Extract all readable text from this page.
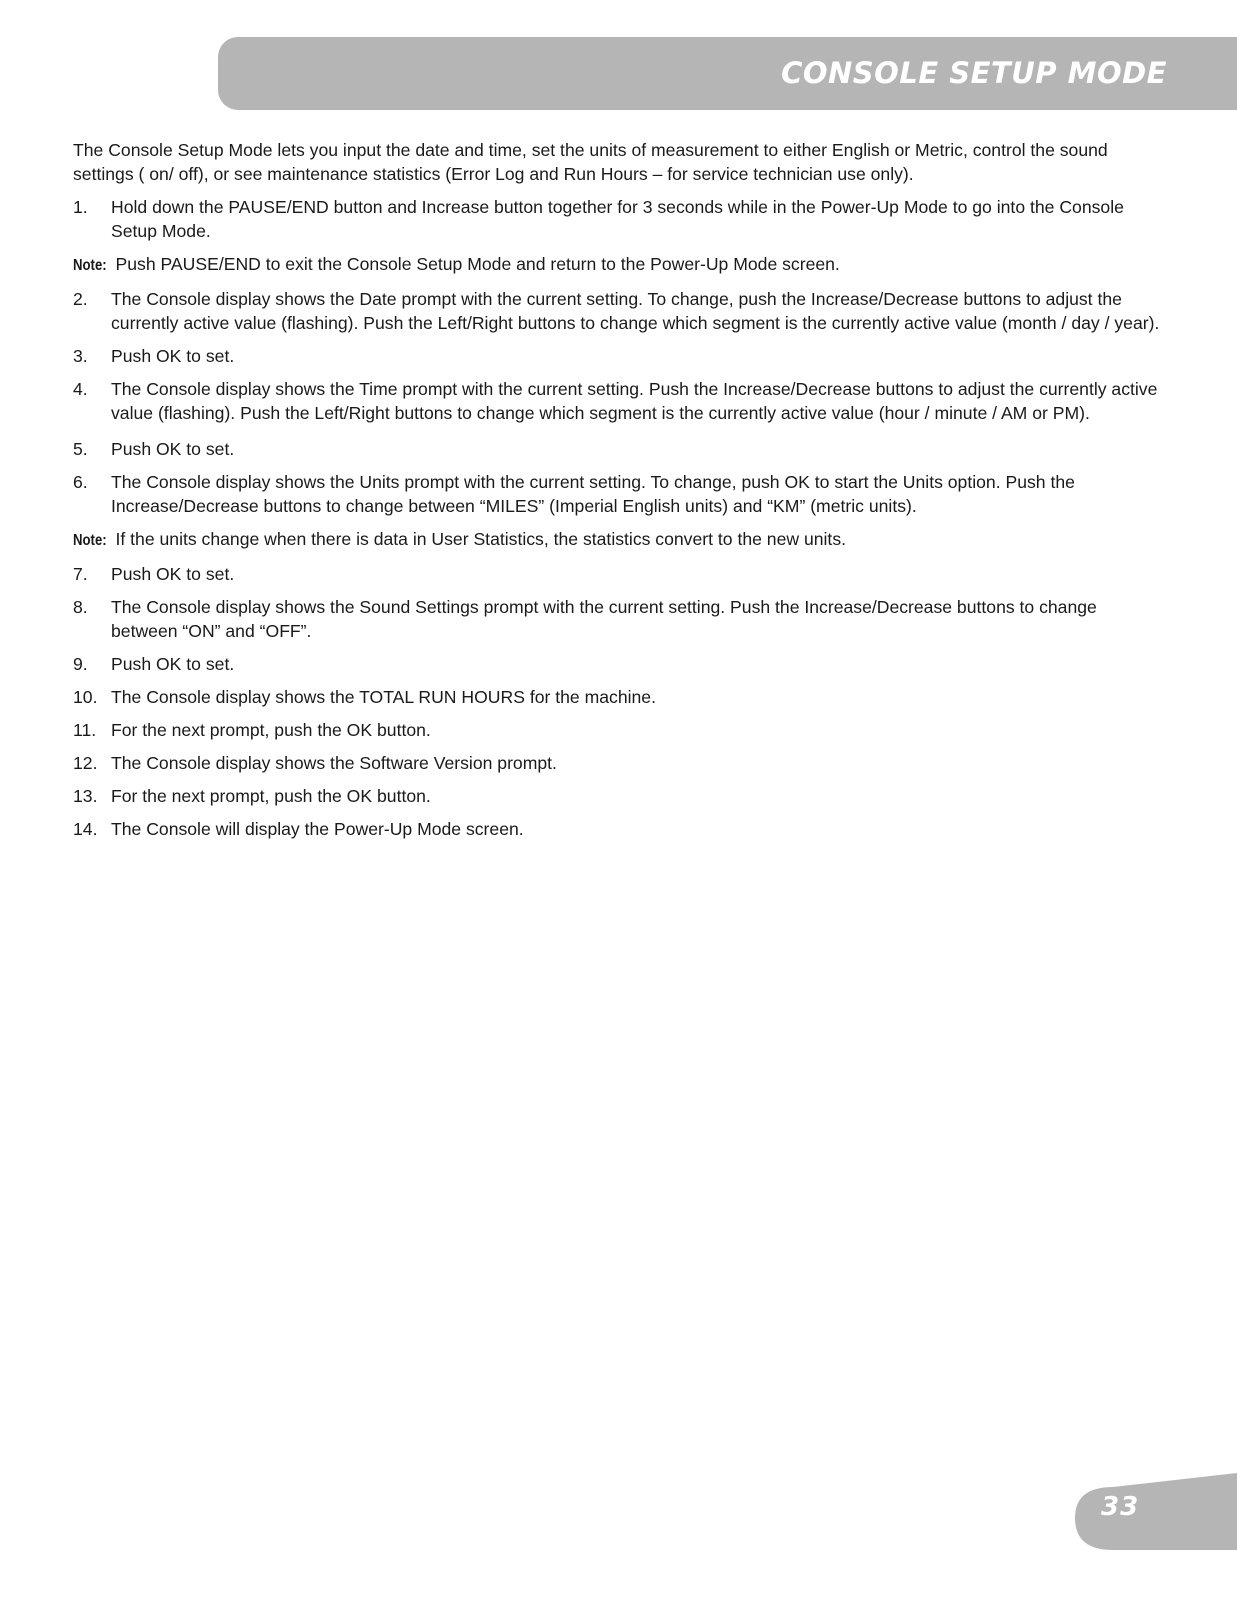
CONSOLE SETUP MODE

The Console Setup Mode lets you input the date and time, set the units of measurement to either English or Metric, control the sound settings ( on/ off), or see maintenance statistics (Error Log and Run Hours – for service technician use only).

1. Hold down the PAUSE/END button and Increase button together for 3 seconds while in the Power-Up Mode to go into the Console Setup Mode.

Note: Push PAUSE/END to exit the Console Setup Mode and return to the Power-Up Mode screen.

2. The Console display shows the Date prompt with the current setting. To change, push the Increase/Decrease buttons to adjust the currently active value (flashing). Push the Left/Right buttons to change which segment is the currently active value (month / day / year).
3. Push OK to set.
4. The Console display shows the Time prompt with the current setting. Push the Increase/Decrease buttons to adjust the currently active value (flashing). Push the Left/Right buttons to change which segment is the currently active value (hour / minute / AM or PM).
5. Push OK to set.
6. The Console display shows the Units prompt with the current setting. To change, push OK to start the Units option. Push the Increase/Decrease buttons to change between “MILES” (Imperial English units) and “KM” (metric units).

Note: If the units change when there is data in User Statistics, the statistics convert to the new units.

7. Push OK to set.
8. The Console display shows the Sound Settings prompt with the current setting. Push the Increase/Decrease buttons to change between “ON” and “OFF”.
9. Push OK to set.
10. The Console display shows the TOTAL RUN HOURS for the machine.
11. For the next prompt, push the OK button.
12. The Console display shows the Software Version prompt.
13. For the next prompt, push the OK button.
14. The Console will display the Power-Up Mode screen.
33
